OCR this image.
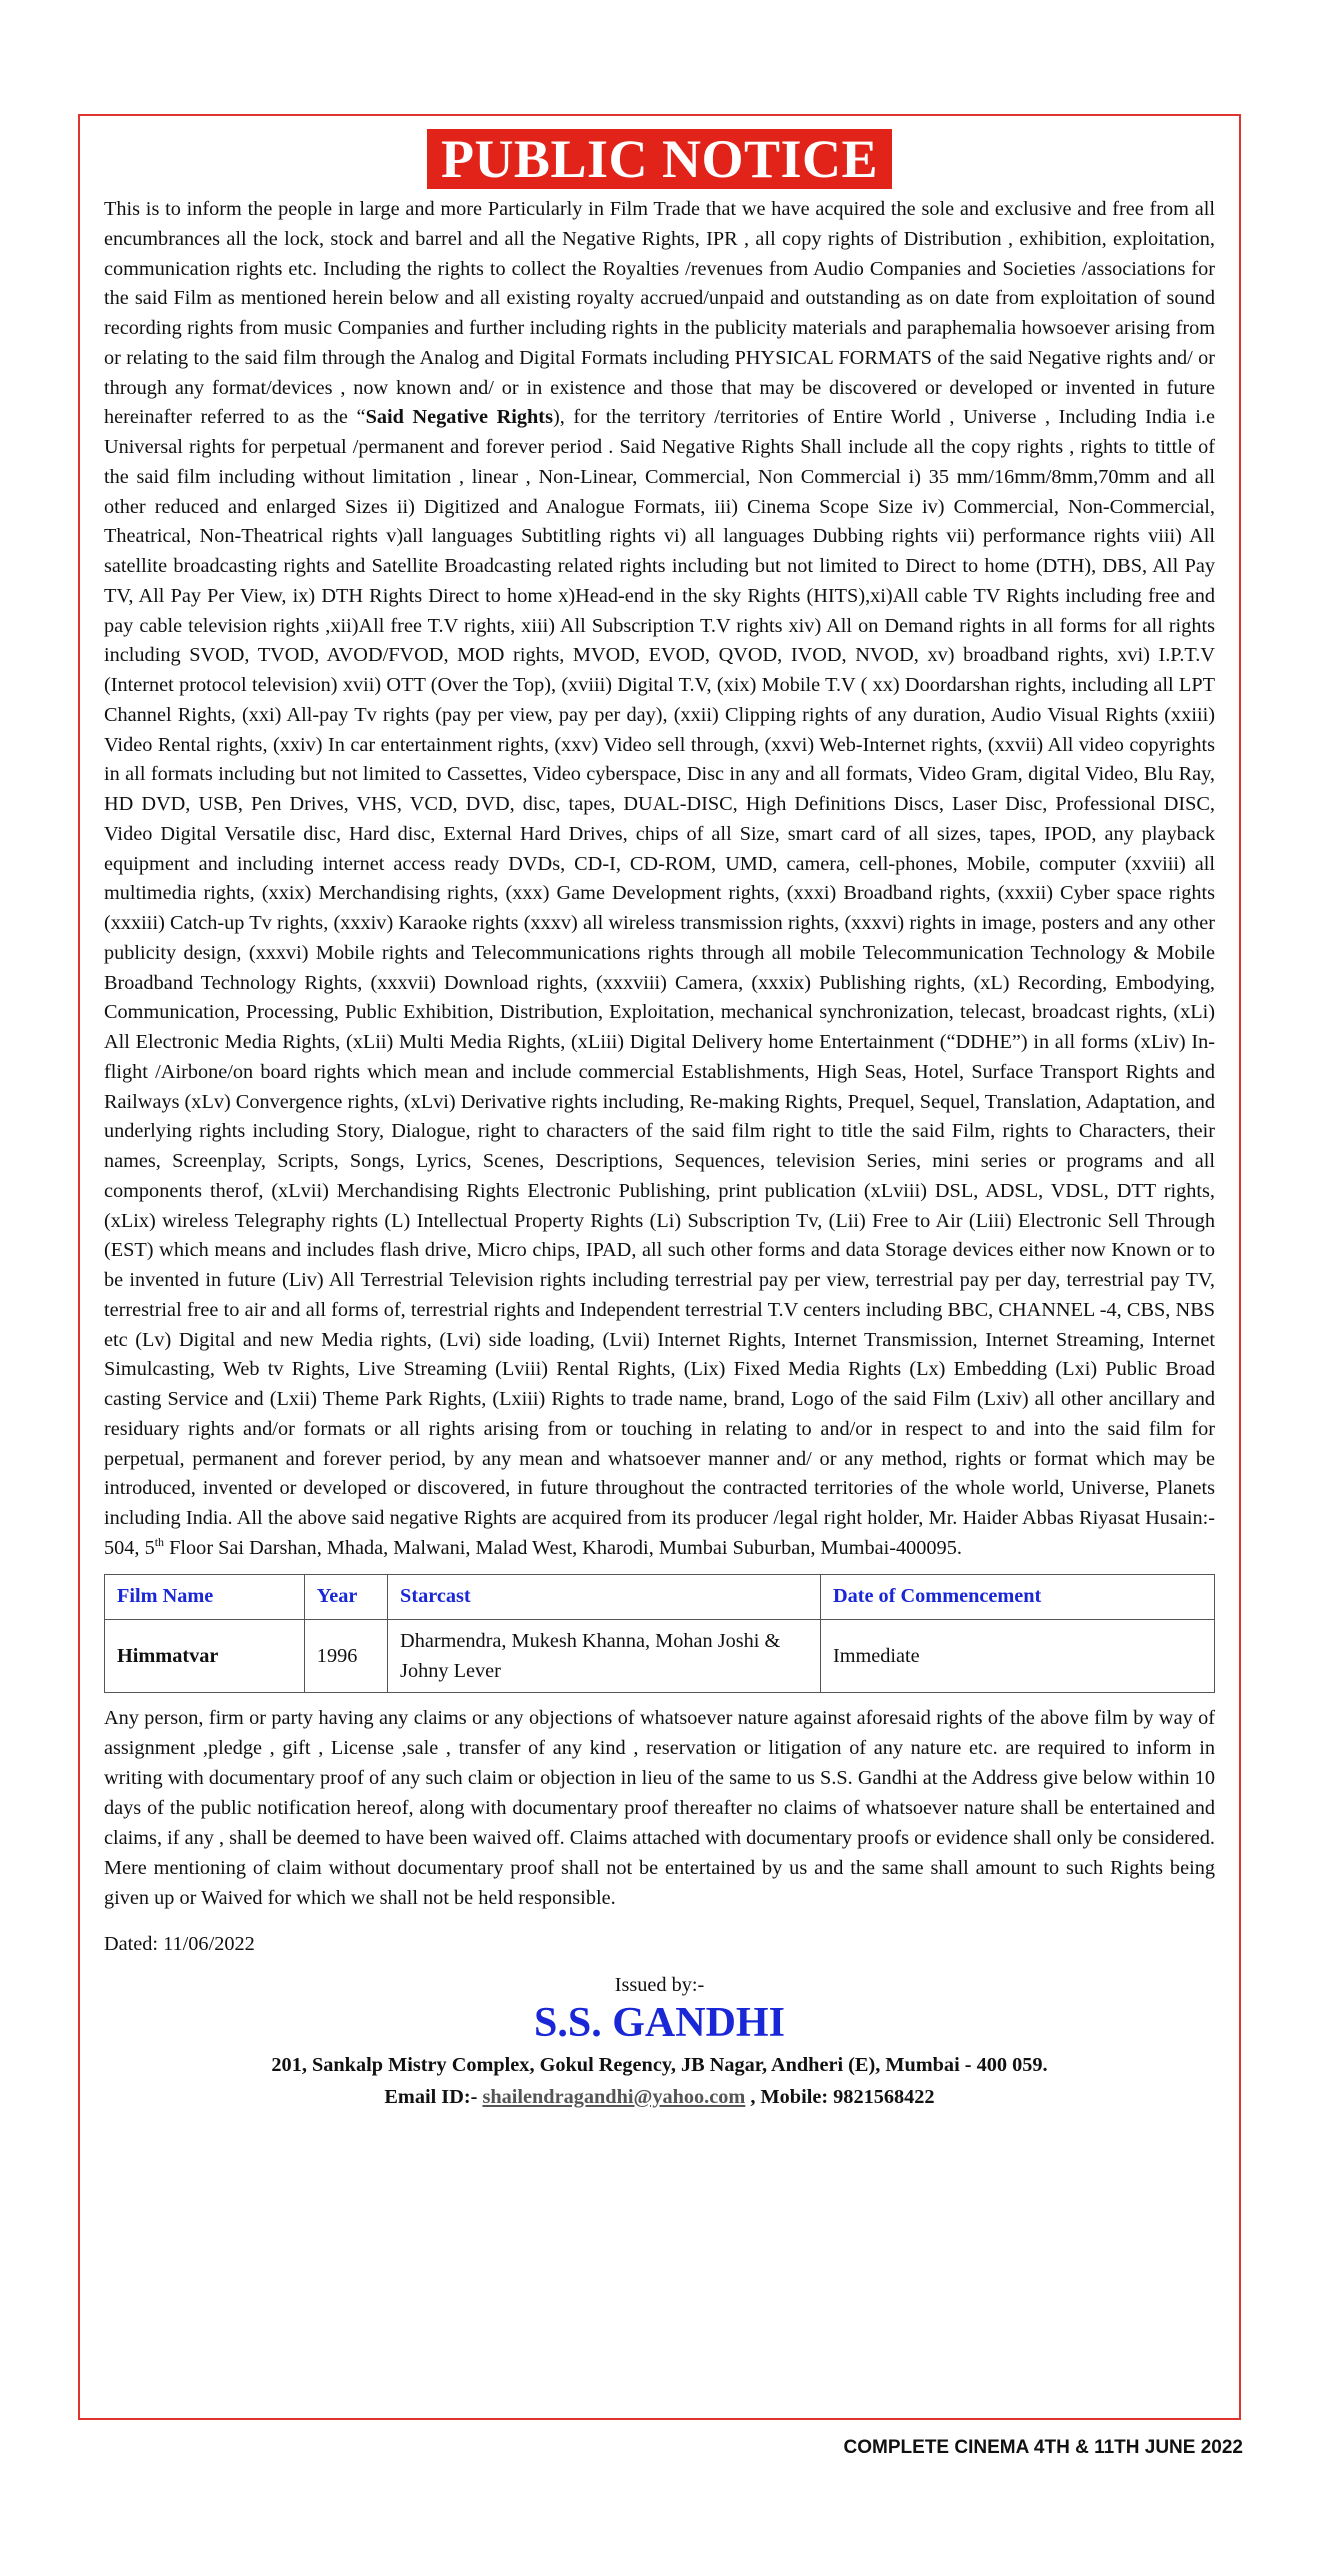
PUBLIC NOTICE

This is to inform the people in large and more Particularly in Film Trade that we have acquired the sole and exclusive and free from all encumbrances all the lock, stock and barrel and all the Negative Rights, IPR , all copy rights of Distribution , exhibition, exploitation, communication rights etc. Including the rights to collect the Royalties /revenues from Audio Companies and Societies /associations for the said Film as mentioned herein below and all existing royalty accrued/unpaid and outstanding as on date from exploitation of sound recording rights from music Companies and further including rights in the publicity materials and paraphemalia howsoever arising from or relating to the said film through the Analog and Digital Formats including PHYSICAL FORMATS of the said Negative rights and/ or through any format/devices , now known and/ or in existence and those that may be discovered or developed or invented in future hereinafter referred to as the “Said Negative Rights), for the territory /territories of Entire World , Universe , Including India i.e Universal rights for perpetual /permanent and forever period . Said Negative Rights Shall include all the copy rights , rights to tittle of the said film including without limitation , linear , Non-Linear, Commercial, Non Commercial i) 35 mm/16mm/8mm,70mm and all other reduced and enlarged Sizes ii) Digitized and Analogue Formats, iii) Cinema Scope Size iv) Commercial, Non-Commercial, Theatrical, Non-Theatrical rights v)all languages Subtitling rights vi) all languages Dubbing rights vii) performance rights viii) All satellite broadcasting rights and Satellite Broadcasting related rights including but not limited to Direct to home (DTH), DBS, All Pay TV, All Pay Per View, ix) DTH Rights Direct to home x)Head-end in the sky Rights (HITS),xi)All cable TV Rights including free and pay cable television rights ,xii)All free T.V rights, xiii) All Subscription T.V rights xiv) All on Demand rights in all forms for all rights including SVOD, TVOD, AVOD/FVOD, MOD rights, MVOD, EVOD, QVOD, IVOD, NVOD, xv) broadband rights, xvi) I.P.T.V (Internet protocol television) xvii) OTT (Over the Top), (xviii) Digital T.V, (xix) Mobile T.V ( xx) Doordarshan rights, including all LPT Channel Rights, (xxi) All-pay Tv rights (pay per view, pay per day), (xxii) Clipping rights of any duration, Audio Visual Rights (xxiii) Video Rental rights, (xxiv) In car entertainment rights, (xxv) Video sell through, (xxvi) Web-Internet rights, (xxvii) All video copyrights in all formats including but not limited to Cassettes, Video cyberspace, Disc in any and all formats, Video Gram, digital Video, Blu Ray, HD DVD, USB, Pen Drives, VHS, VCD, DVD, disc, tapes, DUAL-DISC, High Definitions Discs, Laser Disc, Professional DISC, Video Digital Versatile disc, Hard disc, External Hard Drives, chips of all Size, smart card of all sizes, tapes, IPOD, any playback equipment and including internet access ready DVDs, CD-I, CD-ROM, UMD, camera, cell-phones, Mobile, computer (xxviii) all multimedia rights, (xxix) Merchandising rights, (xxx) Game Development rights, (xxxi) Broadband rights, (xxxii) Cyber space rights (xxxiii) Catch-up Tv rights, (xxxiv) Karaoke rights (xxxv) all wireless transmission rights, (xxxvi) rights in image, posters and any other publicity design, (xxxvi) Mobile rights and Telecommunications rights through all mobile Telecommunication Technology & Mobile Broadband Technology Rights, (xxxvii) Download rights, (xxxviii) Camera, (xxxix) Publishing rights, (xL) Recording, Embodying, Communication, Processing, Public Exhibition, Distribution, Exploitation, mechanical synchronization, telecast, broadcast rights, (xLi) All Electronic Media Rights, (xLii) Multi Media Rights, (xLiii) Digital Delivery home Entertainment (“DDHE”) in all forms (xLiv) In-flight /Airbone/on board rights which mean and include commercial Establishments, High Seas, Hotel, Surface Transport Rights and Railways (xLv) Convergence rights, (xLvi) Derivative rights including, Re-making Rights, Prequel, Sequel, Translation, Adaptation, and underlying rights including Story, Dialogue, right to characters of the said film right to title the said Film, rights to Characters, their names, Screenplay, Scripts, Songs, Lyrics, Scenes, Descriptions, Sequences, television Series, mini series or programs and all components therof, (xLvii) Merchandising Rights Electronic Publishing, print publication (xLviii) DSL, ADSL, VDSL, DTT rights, (xLix) wireless Telegraphy rights (L) Intellectual Property Rights (Li) Subscription Tv, (Lii) Free to Air (Liii) Electronic Sell Through (EST) which means and includes flash drive, Micro chips, IPAD, all such other forms and data Storage devices either now Known or to be invented in future (Liv) All Terrestrial Television rights including terrestrial pay per view, terrestrial pay per day, terrestrial pay TV, terrestrial free to air and all forms of, terrestrial rights and Independent terrestrial T.V centers including BBC, CHANNEL -4, CBS, NBS etc (Lv) Digital and new Media rights, (Lvi) side loading, (Lvii) Internet Rights, Internet Transmission, Internet Streaming, Internet Simulcasting, Web tv Rights, Live Streaming (Lviii) Rental Rights, (Lix) Fixed Media Rights (Lx) Embedding (Lxi) Public Broad casting Service and (Lxii) Theme Park Rights, (Lxiii) Rights to trade name, brand, Logo of the said Film (Lxiv) all other ancillary and residuary rights and/or formats or all rights arising from or touching in relating to and/or in respect to and into the said film for perpetual, permanent and forever period, by any mean and whatsoever manner and/ or any method, rights or format which may be introduced, invented or developed or discovered, in future throughout the contracted territories of the whole world, Universe, Planets including India. All the above said negative Rights are acquired from its producer /legal right holder, Mr. Haider Abbas Riyasat Husain:- 504, 5th Floor Sai Darshan, Mhada, Malwani, Malad West, Kharodi, Mumbai Suburban, Mumbai-400095.

Film Name	Year	Starcast	Date of Commencement
Himmatvar	1996	Dharmendra, Mukesh Khanna, Mohan Joshi & Johny Lever	Immediate
Any person, firm or party having any claims or any objections of whatsoever nature against aforesaid rights of the above film by way of assignment ,pledge , gift , License ,sale , transfer of any kind , reservation or litigation of any nature etc. are required to inform in writing with documentary proof of any such claim or objection in lieu of the same to us S.S. Gandhi at the Address give below within 10 days of the public notification hereof, along with documentary proof thereafter no claims of whatsoever nature shall be entertained and claims, if any , shall be deemed to have been waived off. Claims attached with documentary proofs or evidence shall only be considered. Mere mentioning of claim without documentary proof shall not be entertained by us and the same shall amount to such Rights being given up or Waived for which we shall not be held responsible.
Dated: 11/06/2022
Issued by:-
S.S. GANDHI
201, Sankalp Mistry Complex, Gokul Regency, JB Nagar, Andheri (E), Mumbai - 400 059.
Email ID:- shailendragandhi@yahoo.com , Mobile: 9821568422
COMPLETE CINEMA 4TH & 11TH JUNE 2022
